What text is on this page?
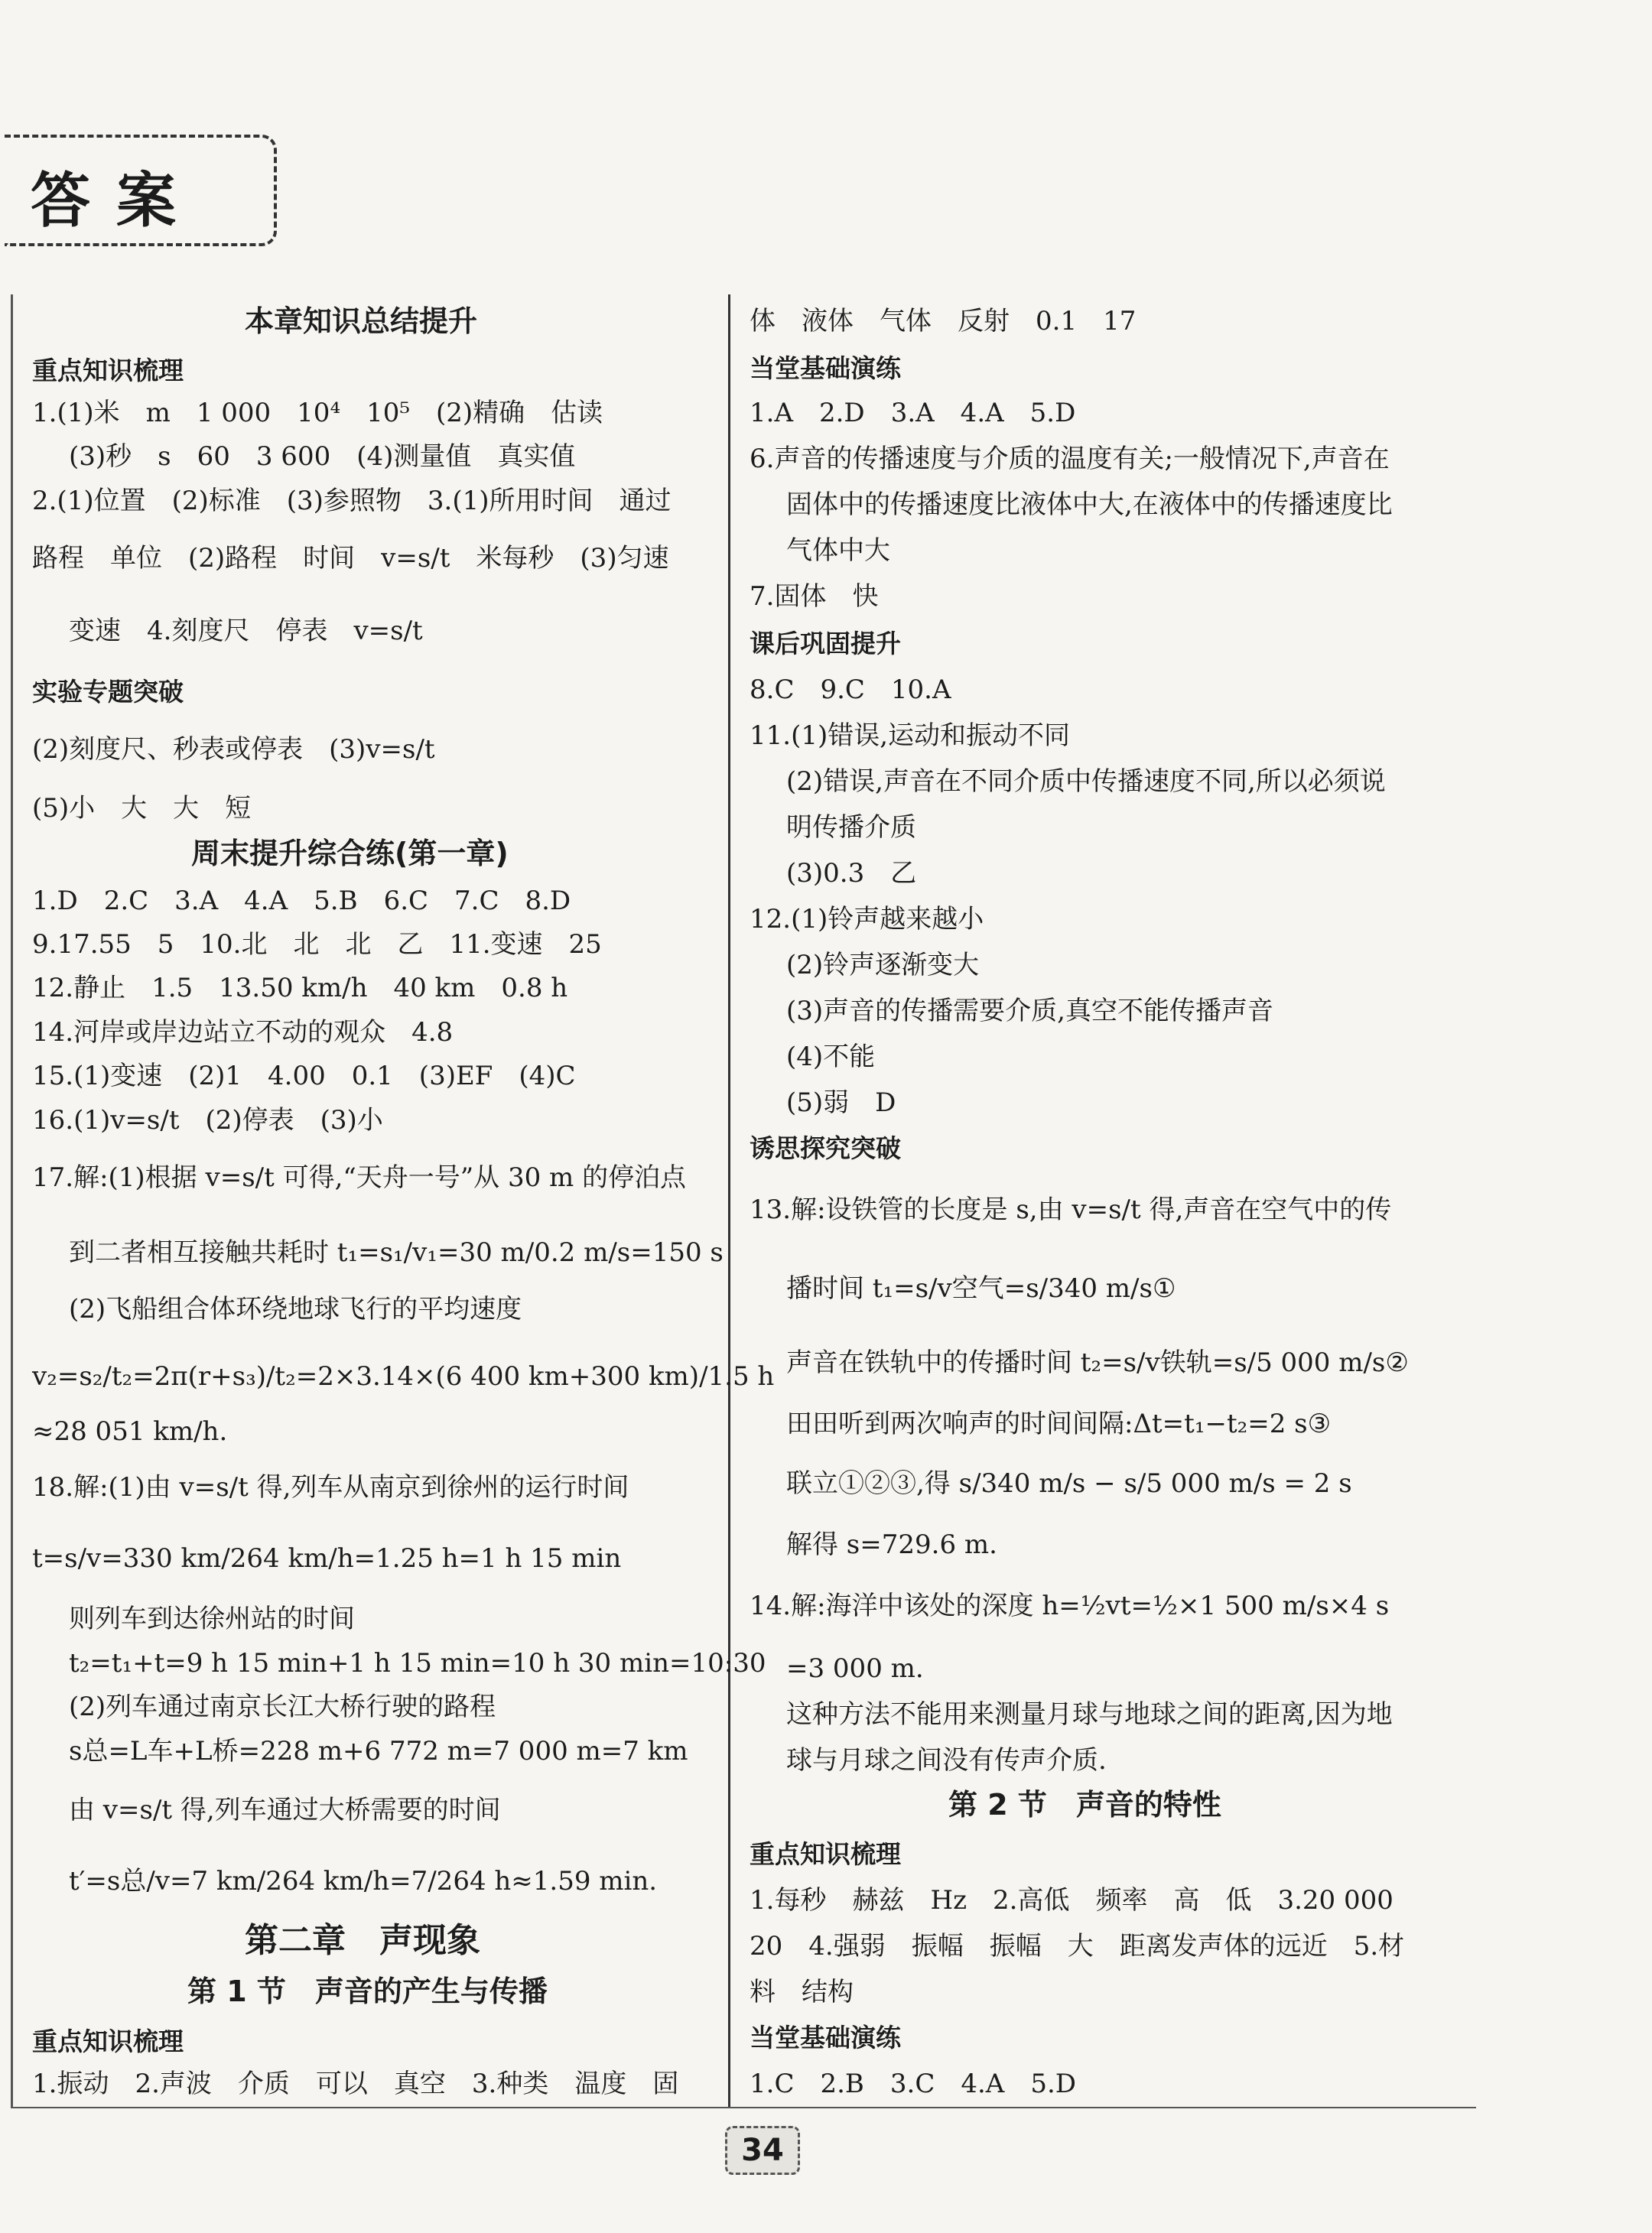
答案
本章知识总结提升
重点知识梳理
1.(1)米　m　1 000　10⁴　10⁵　(2)精确　估读
(3)秒　s　60　3 600　(4)测量值　真实值
2.(1)位置　(2)标准　(3)参照物　3.(1)所用时间　通过
路程　单位　(2)路程　时间　v=s/t　米每秒　(3)匀速
变速　4.刻度尺　停表　v=s/t
实验专题突破
(2)刻度尺、秒表或停表　(3)v=s/t
(5)小　大　大　短
周末提升综合练(第一章)
1.D　2.C　3.A　4.A　5.B　6.C　7.C　8.D
9.17.55　5　10.北　北　北　乙　11.变速　25
12.静止　1.5　13.50 km/h　40 km　0.8 h
14.河岸或岸边站立不动的观众　4.8
15.(1)变速　(2)1　4.00　0.1　(3)EF　(4)C
16.(1)v=s/t　(2)停表　(3)小
17.解:(1)根据 v=s/t 可得,“天舟一号”从 30 m 的停泊点
到二者相互接触共耗时 t₁=s₁/v₁=30 m/0.2 m/s=150 s
(2)飞船组合体环绕地球飞行的平均速度
v₂=s₂/t₂=2π(r+s₃)/t₂=2×3.14×(6 400 km+300 km)/1.5 h
≈28 051 km/h.
18.解:(1)由 v=s/t 得,列车从南京到徐州的运行时间
t=s/v=330 km/264 km/h=1.25 h=1 h 15 min
则列车到达徐州站的时间
t₂=t₁+t=9 h 15 min+1 h 15 min=10 h 30 min=10:30
(2)列车通过南京长江大桥行驶的路程
s总=L车+L桥=228 m+6 772 m=7 000 m=7 km
由 v=s/t 得,列车通过大桥需要的时间
t′=s总/v=7 km/264 km/h=7/264 h≈1.59 min.
第二章　声现象
第 1 节　声音的产生与传播
重点知识梳理
1.振动　2.声波　介质　可以　真空　3.种类　温度　固
体　液体　气体　反射　0.1　17
当堂基础演练
1.A　2.D　3.A　4.A　5.D
6.声音的传播速度与介质的温度有关;一般情况下,声音在
固体中的传播速度比液体中大,在液体中的传播速度比
气体中大
7.固体　快
课后巩固提升
8.C　9.C　10.A
11.(1)错误,运动和振动不同
(2)错误,声音在不同介质中传播速度不同,所以必须说
明传播介质
(3)0.3　乙
12.(1)铃声越来越小
(2)铃声逐渐变大
(3)声音的传播需要介质,真空不能传播声音
(4)不能
(5)弱　D
诱思探究突破
13.解:设铁管的长度是 s,由 v=s/t 得,声音在空气中的传
播时间 t₁=s/v空气=s/340 m/s①
声音在铁轨中的传播时间 t₂=s/v铁轨=s/5 000 m/s②
田田听到两次响声的时间间隔:Δt=t₁−t₂=2 s③
联立①②③,得 s/340 m/s − s/5 000 m/s = 2 s
解得 s=729.6 m.
14.解:海洋中该处的深度 h=½vt=½×1 500 m/s×4 s
=3 000 m.
这种方法不能用来测量月球与地球之间的距离,因为地
球与月球之间没有传声介质.
第 2 节　声音的特性
重点知识梳理
1.每秒　赫兹　Hz　2.高低　频率　高　低　3.20 000
20　4.强弱　振幅　振幅　大　距离发声体的远近　5.材
料　结构
当堂基础演练
1.C　2.B　3.C　4.A　5.D
34
